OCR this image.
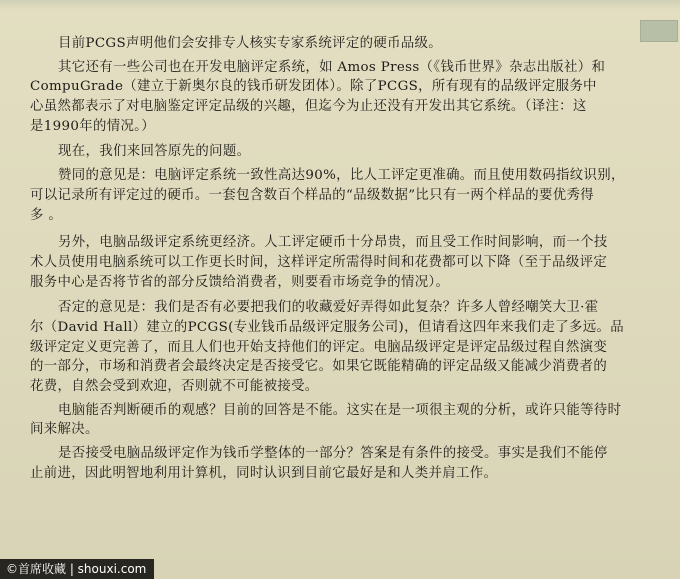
目前PCGS声明他们会安排专人核实专家系统评定的硬币品级。
其它还有一些公司也在开发电脑评定系统，如 Amos Press（《钱币世界》杂志出版社）和
CompuGrade（建立于新奥尔良的钱币研发团体）。除了PCGS，所有现有的品级评定服务中
心虽然都表示了对电脑鉴定评定品级的兴趣，但迄今为止还没有开发出其它系统。（译注：这
是1990年的情况。）
现在，我们来回答原先的问题。
赞同的意见是：电脑评定系统一致性高达90%，比人工评定更准确。而且使用数码指纹识别，
可以记录所有评定过的硬币。一套包含数百个样品的“品级数据”比只有一两个样品的要优秀得
多 。
另外，电脑品级评定系统更经济。人工评定硬币十分昂贵，而且受工作时间影响，而一个技
术人员使用电脑系统可以工作更长时间，这样评定所需得时间和花费都可以下降（至于品级评定
服务中心是否将节省的部分反馈给消费者，则要看市场竞争的情况）。
否定的意见是：我们是否有必要把我们的收藏爱好弄得如此复杂？许多人曾经嘲笑大卫·霍
尔（David Hall）建立的PCGS(专业钱币品级评定服务公司)，但请看这四年来我们走了多远。品
级评定定义更完善了，而且人们也开始支持他们的评定。电脑品级评定是评定品级过程自然演变
的一部分，市场和消费者会最终决定是否接受它。如果它既能精确的评定品级又能减少消费者的
花费，自然会受到欢迎，否则就不可能被接受。
电脑能否判断硬币的观感？目前的回答是不能。这实在是一项很主观的分析，或许只能等待时
间来解决。
是否接受电脑品级评定作为钱币学整体的一部分？答案是有条件的接受。事实是我们不能停
止前进，因此明智地利用计算机，同时认识到目前它最好是和人类并肩工作。
©首席收藏 | shouxi.com
